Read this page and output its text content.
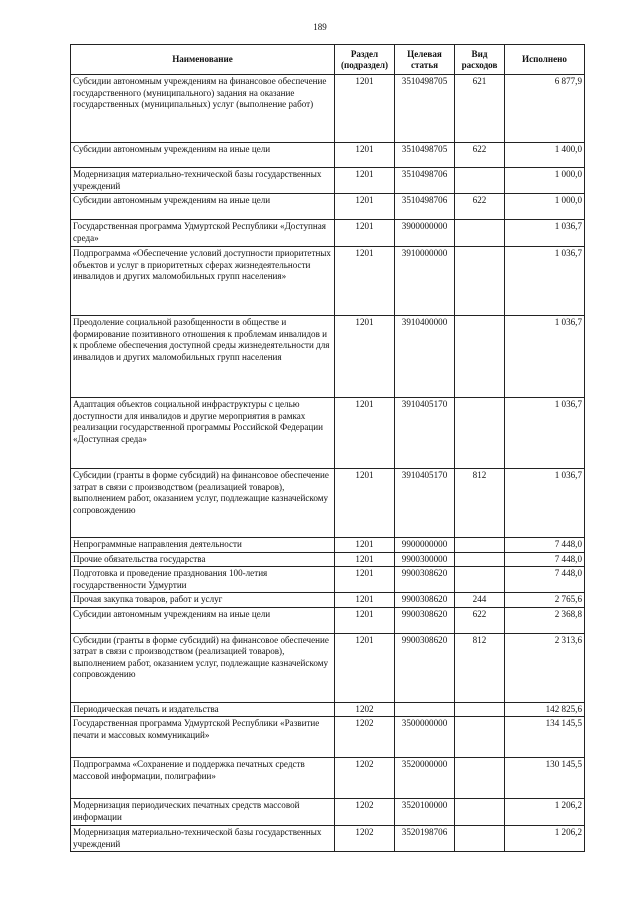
189
Наименование	Раздел (подраздел)	Целевая статья	Вид расходов	Исполнено
Субсидии автономным учреждениям на финансовое обеспечение государственного (муниципального) задания на оказание государственных (муниципальных) услуг (выполнение работ)	1201	3510498705	621	6 877,9
Субсидии автономным учреждениям на иные цели	1201	3510498705	622	1 400,0
Модернизация материально-технической базы государственных учреждений	1201	3510498706		1 000,0
Субсидии автономным учреждениям на иные цели	1201	3510498706	622	1 000,0
Государственная программа Удмуртской Республики «Доступная среда»	1201	3900000000		1 036,7
Подпрограмма «Обеспечение условий доступности приоритетных объектов и услуг в приоритетных сферах жизнедеятельности инвалидов и других маломобильных групп населения»	1201	3910000000		1 036,7
Преодоление социальной разобщенности в обществе и формирование позитивного отношения к проблемам инвалидов и к проблеме обеспечения доступной среды жизнедеятельности для инвалидов и других маломобильных групп населения	1201	3910400000		1 036,7
Адаптация объектов социальной инфраструктуры с целью доступности для инвалидов и другие мероприятия в рамках реализации государственной программы Российской Федерации «Доступная среда»	1201	3910405170		1 036,7
Субсидии (гранты в форме субсидий) на финансовое обеспечение затрат в связи с производством (реализацией товаров), выполнением работ, оказанием услуг, подлежащие казначейскому сопровождению	1201	3910405170	812	1 036,7
Непрограммные направления деятельности	1201	9900000000		7 448,0
Прочие обязательства государства	1201	9900300000		7 448,0
Подготовка и проведение празднования 100-летия государственности Удмуртии	1201	9900308620		7 448,0
Прочая закупка товаров, работ и услуг	1201	9900308620	244	2 765,6
Субсидии автономным учреждениям на иные цели	1201	9900308620	622	2 368,8
Субсидии (гранты в форме субсидий) на финансовое обеспечение затрат в связи с производством (реализацией товаров), выполнением работ, оказанием услуг, подлежащие казначейскому сопровождению	1201	9900308620	812	2 313,6
Периодическая печать и издательства	1202			142 825,6
Государственная программа Удмуртской Республики «Развитие печати и массовых коммуникаций»	1202	3500000000		134 145,5
Подпрограмма «Сохранение и поддержка печатных средств массовой информации, полиграфии»	1202	3520000000		130 145,5
Модернизация периодических печатных средств массовой информации	1202	3520100000		1 206,2
Модернизация материально-технической базы государственных учреждений	1202	3520198706		1 206,2
